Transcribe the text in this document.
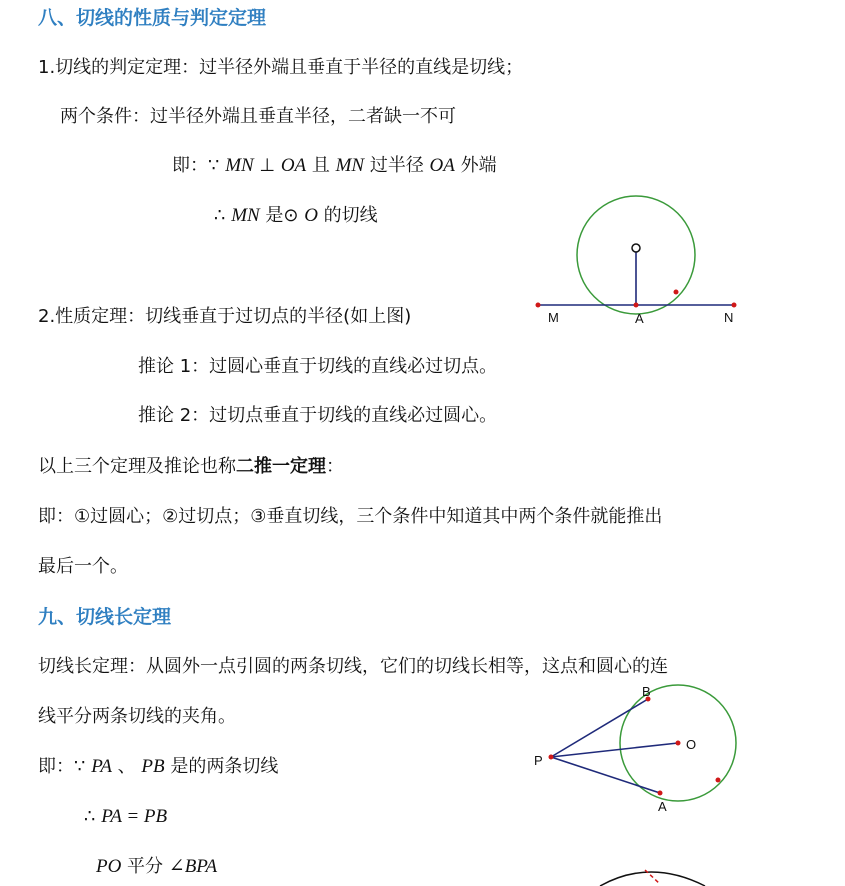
八、切线的性质与判定定理
1.切线的判定定理：过半径外端且垂直于半径的直线是切线；
两个条件：过半径外端且垂直半径，二者缺一不可
即：∵ MN ⊥ OA 且 MN 过半径 OA 外端
∴ MN 是⊙ O 的切线
M	A	N
2.性质定理：切线垂直于过切点的半径(如上图)
推论 1：过圆心垂直于切线的直线必过切点。
推论 2：过切点垂直于切线的直线必过圆心。
以上三个定理及推论也称二推一定理：
即：①过圆心；②过切点；③垂直切线，三个条件中知道其中两个条件就能推出
最后一个。
九、切线长定理
切线长定理：从圆外一点引圆的两条切线，它们的切线长相等，这点和圆心的连
线平分两条切线的夹角。
即：∵ PA 、 PB 是的两条切线
∴ PA = PB
PO 平分 ∠BPA
B
P
O
A
